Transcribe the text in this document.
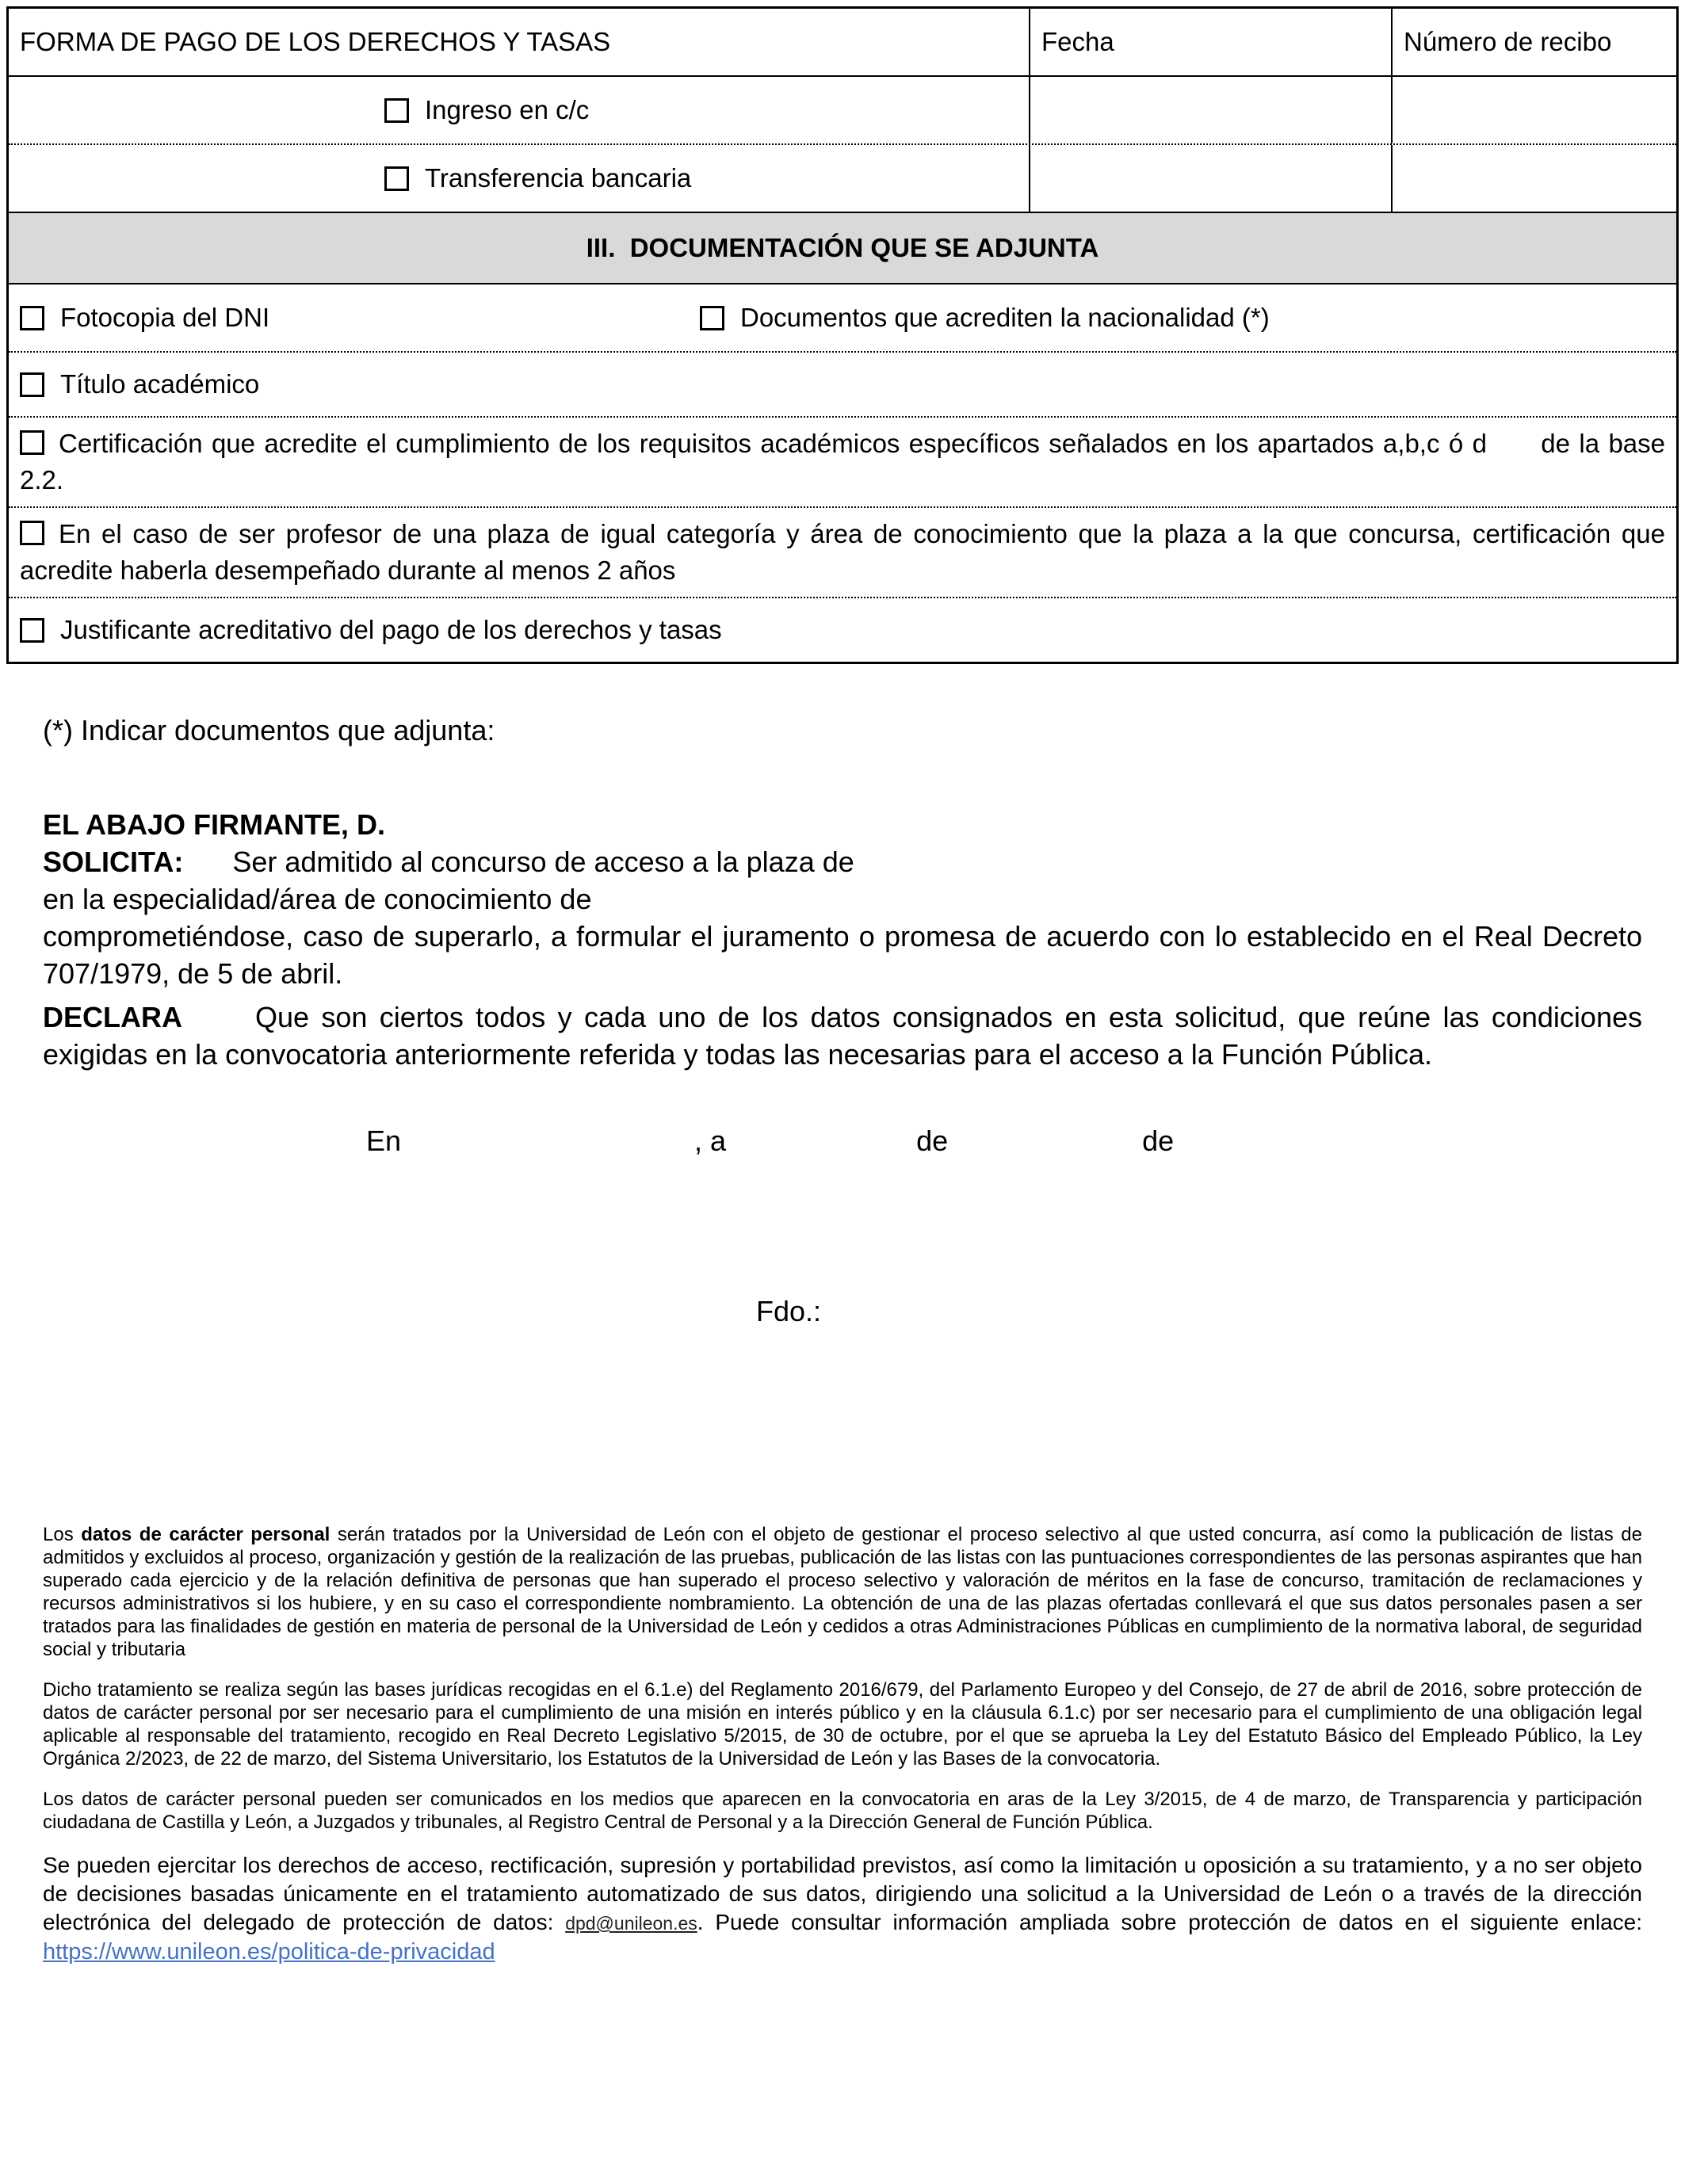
FORMA DE PAGO DE LOS DERECHOS Y TASAS	Fecha	Número de recibo
Ingreso en c/c
Transferencia bancaria
III.  DOCUMENTACIÓN QUE SE ADJUNTA
Fotocopia del DNI	Documentos que acrediten la nacionalidad (*)
Título académico
Certificación que acredite el cumplimiento de los requisitos académicos específicos señalados en los apartados a,b,c ó d      de la base 2.2.
En el caso de ser profesor de una plaza de igual categoría y área de conocimiento que la plaza a la que concursa, certificación que acredite haberla desempeñado durante al menos 2 años
Justificante acreditativo del pago de los derechos y tasas

(*) Indicar documentos que adjunta:

EL ABAJO FIRMANTE, D.

SOLICITA: Ser admitido al concurso de acceso a la plaza de

en la especialidad/área de conocimiento de

comprometiéndose, caso de superarlo, a formular el juramento o promesa de acuerdo con lo establecido en el Real Decreto 707/1979, de 5 de abril.

DECLARA	Que son ciertos todos y cada uno de los datos consignados en esta solicitud, que reúne las condiciones exigidas en la convocatoria anteriormente referida y todas las necesarias para el acceso a la Función Pública.

En	, a	de	de

Fdo.:

Los datos de carácter personal serán tratados por la Universidad de León con el objeto de gestionar el proceso selectivo al que usted concurra, así como la publicación de listas de admitidos y excluidos al proceso, organización y gestión de la realización de las pruebas, publicación de las listas con las puntuaciones correspondientes de las personas aspirantes que han superado cada ejercicio y de la relación definitiva de personas que han superado el proceso selectivo y valoración de méritos en la fase de concurso, tramitación de reclamaciones y recursos administrativos si los hubiere, y en su caso el correspondiente nombramiento. La obtención de una de las plazas ofertadas conllevará el que sus datos personales pasen a ser tratados para las finalidades de gestión en materia de personal de la Universidad de León y cedidos a otras Administraciones Públicas en cumplimiento de la normativa laboral, de seguridad social y tributaria

Dicho tratamiento se realiza según las bases jurídicas recogidas en el 6.1.e) del Reglamento 2016/679, del Parlamento Europeo y del Consejo, de 27 de abril de 2016, sobre protección de datos de carácter personal por ser necesario para el cumplimiento de una misión en interés público y en la cláusula 6.1.c) por ser necesario para el cumplimiento de una obligación legal aplicable al responsable del tratamiento, recogido en Real Decreto Legislativo 5/2015, de 30 de octubre, por el que se aprueba la Ley del Estatuto Básico del Empleado Público, la Ley Orgánica 2/2023, de 22 de marzo, del Sistema Universitario, los Estatutos de la Universidad de León y las Bases de la convocatoria.

Los datos de carácter personal pueden ser comunicados en los medios que aparecen en la convocatoria en aras de la Ley 3/2015, de 4 de marzo, de Transparencia y participación ciudadana de Castilla y León, a Juzgados y tribunales, al Registro Central de Personal y a la Dirección General de Función Pública.

Se pueden ejercitar los derechos de acceso, rectificación, supresión y portabilidad previstos, así como la limitación u oposición a su tratamiento, y a no ser objeto de decisiones basadas únicamente en el tratamiento automatizado de sus datos, dirigiendo una solicitud a la Universidad de León o a través de la dirección electrónica del delegado de protección de datos: dpd@unileon.es. Puede consultar información ampliada sobre protección de datos en el siguiente enlace: https://www.unileon.es/politica-de-privacidad
